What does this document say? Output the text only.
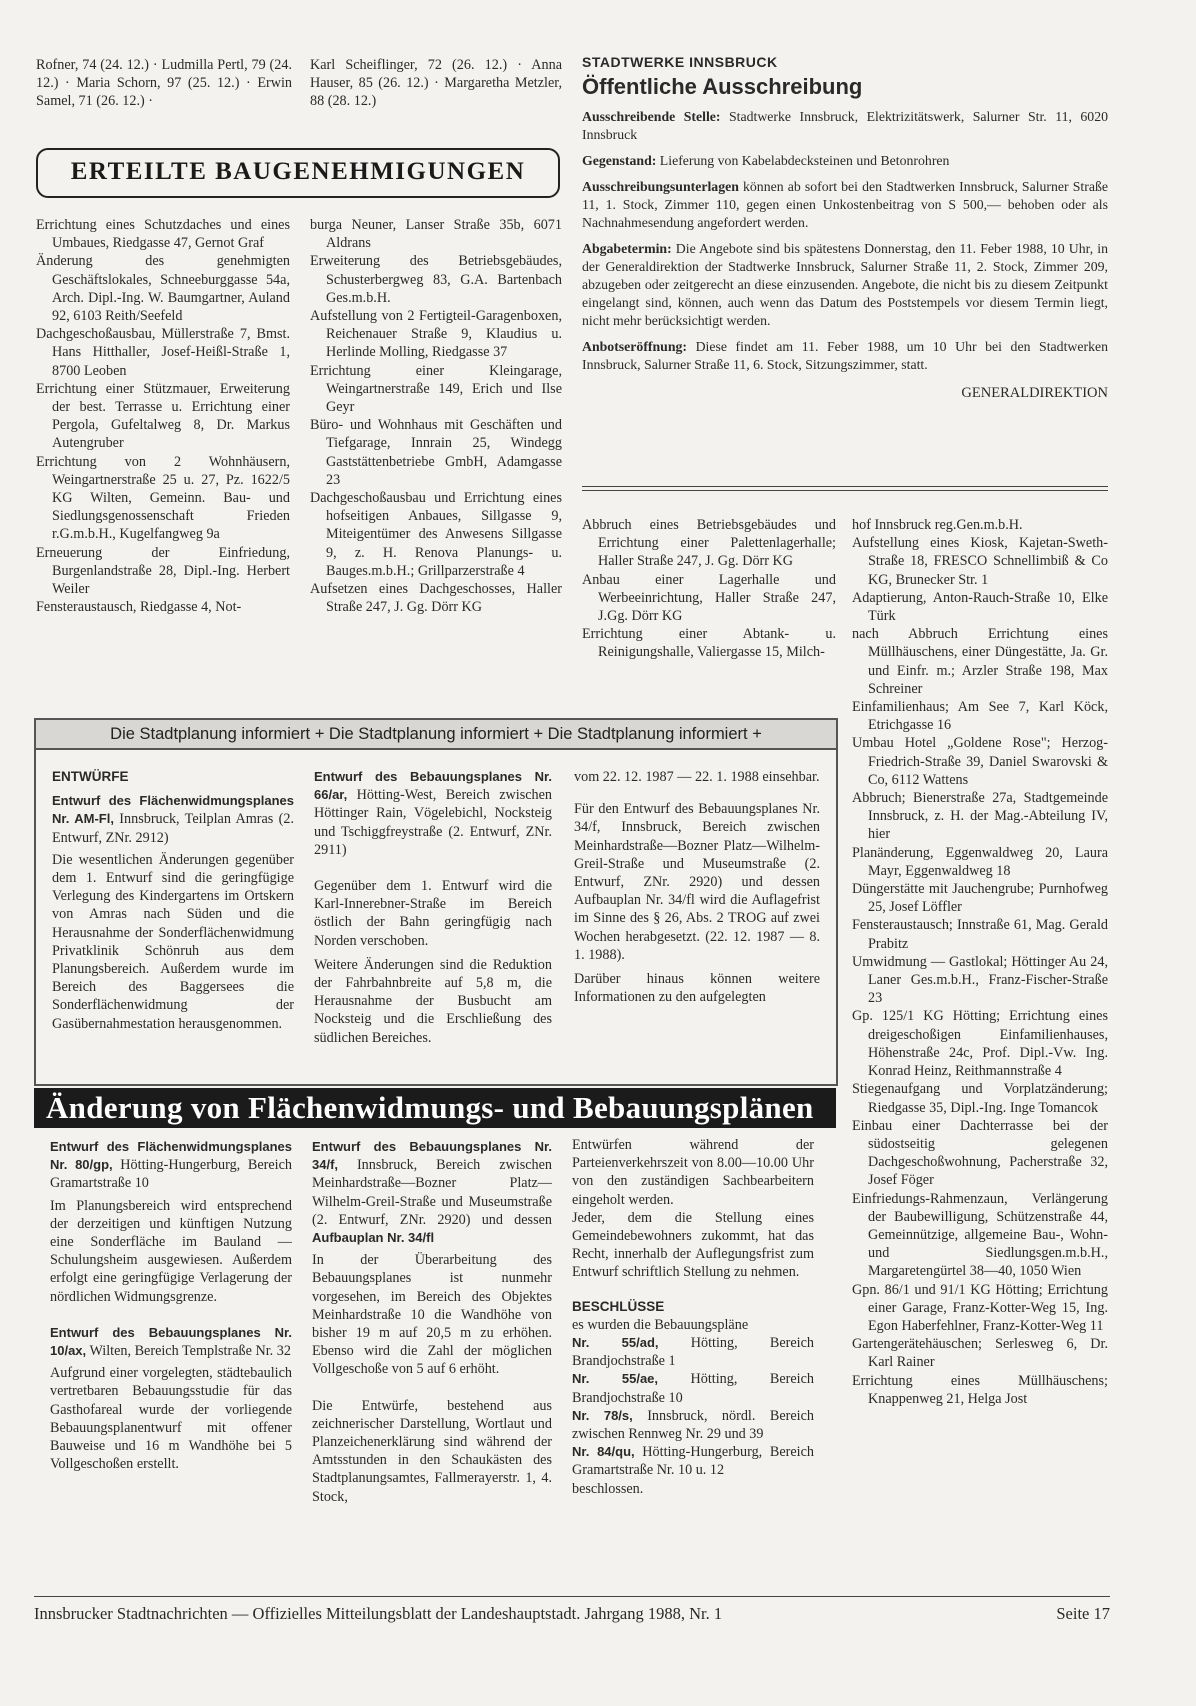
Rofner, 74 (24. 12.) · Ludmilla Pertl, 79 (24. 12.) · Maria Schorn, 97 (25. 12.) · Erwin Samel, 71 (26. 12.) ·
Karl Scheiflinger, 72 (26. 12.) · Anna Hauser, 85 (26. 12.) · Margaretha Metzler, 88 (28. 12.)
ERTEILTE BAUGENEHMIGUNGEN

Errichtung eines Schutzdaches und eines Umbaues, Riedgasse 47, Gernot Graf

Änderung des genehmigten Geschäftslokales, Schneeburggasse 54a, Arch. Dipl.-Ing. W. Baumgartner, Auland 92, 6103 Reith/Seefeld

Dachgeschoßausbau, Müllerstraße 7, Bmst. Hans Hitthaller, Josef-Heißl-Straße 1, 8700 Leoben

Errichtung einer Stützmauer, Erweiterung der best. Terrasse u. Errichtung einer Pergola, Gufeltalweg 8, Dr. Markus Autengruber

Errichtung von 2 Wohnhäusern, Weingartnerstraße 25 u. 27, Pz. 1622/5 KG Wilten, Gemeinn. Bau- und Siedlungsgenossenschaft Frieden r.G.m.b.H., Kugelfangweg 9a

Erneuerung der Einfriedung, Burgenlandstraße 28, Dipl.-Ing. Herbert Weiler

Fensteraustausch, Riedgasse 4, Not-

burga Neuner, Lanser Straße 35b, 6071 Aldrans

Erweiterung des Betriebsgebäudes, Schusterbergweg 83, G.A. Bartenbach Ges.m.b.H.

Aufstellung von 2 Fertigteil-Garagenboxen, Reichenauer Straße 9, Klaudius u. Herlinde Molling, Riedgasse 37

Errichtung einer Kleingarage, Weingartnerstraße 149, Erich und Ilse Geyr

Büro- und Wohnhaus mit Geschäften und Tiefgarage, Innrain 25, Windegg Gaststättenbetriebe GmbH, Adamgasse 23

Dachgeschoßausbau und Errichtung eines hofseitigen Anbaues, Sillgasse 9, Miteigentümer des Anwesens Sillgasse 9, z. H. Renova Planungs- u. Bauges.m.b.H.; Grillparzerstraße 4

Aufsetzen eines Dachgeschosses, Haller Straße 247, J. Gg. Dörr KG

STADTWERKE INNSBRUCK
Öffentliche Ausschreibung

Ausschreibende Stelle: Stadtwerke Innsbruck, Elektrizitätswerk, Salurner Str. 11, 6020 Innsbruck

Gegenstand: Lieferung von Kabelabdecksteinen und Betonrohren

Ausschreibungsunterlagen können ab sofort bei den Stadtwerken Innsbruck, Salurner Straße 11, 1. Stock, Zimmer 110, gegen einen Unkostenbeitrag von S 500,— behoben oder als Nachnahmesendung angefordert werden.

Abgabetermin: Die Angebote sind bis spätestens Donnerstag, den 11. Feber 1988, 10 Uhr, in der Generaldirektion der Stadtwerke Innsbruck, Salurner Straße 11, 2. Stock, Zimmer 209, abzugeben oder zeitgerecht an diese einzusenden. Angebote, die nicht bis zu diesem Zeitpunkt eingelangt sind, können, auch wenn das Datum des Poststempels vor diesem Termin liegt, nicht mehr berücksichtigt werden.

Anbotseröffnung: Diese findet am 11. Feber 1988, um 10 Uhr bei den Stadtwerken Innsbruck, Salurner Straße 11, 6. Stock, Sitzungszimmer, statt.

GENERALDIREKTION

Abbruch eines Betriebsgebäudes und Errichtung einer Palettenlagerhalle; Haller Straße 247, J. Gg. Dörr KG

Anbau einer Lagerhalle und Werbeeinrichtung, Haller Straße 247, J.Gg. Dörr KG

Errichtung einer Abtank- u. Reinigungshalle, Valiergasse 15, Milch-

hof Innsbruck reg.Gen.m.b.H.

Aufstellung eines Kiosk, Kajetan-Sweth-Straße 18, FRESCO Schnellimbiß & Co KG, Brunecker Str. 1

Adaptierung, Anton-Rauch-Straße 10, Elke Türk

nach Abbruch Errichtung eines Müllhäuschens, einer Düngestätte, Ja. Gr. und Einfr. m.; Arzler Straße 198, Max Schreiner

Einfamilienhaus; Am See 7, Karl Köck, Etrichgasse 16

Umbau Hotel „Goldene Rose"; Herzog-Friedrich-Straße 39, Daniel Swarovski & Co, 6112 Wattens

Abbruch; Bienerstraße 27a, Stadtgemeinde Innsbruck, z. H. der Mag.-Abteilung IV, hier

Planänderung, Eggenwaldweg 20, Laura Mayr, Eggenwaldweg 18

Düngerstätte mit Jauchengrube; Purnhofweg 25, Josef Löffler

Fensteraustausch; Innstraße 61, Mag. Gerald Prabitz

Umwidmung — Gastlokal; Höttinger Au 24, Laner Ges.m.b.H., Franz-Fischer-Straße 23

Gp. 125/1 KG Hötting; Errichtung eines dreigeschoßigen Einfamilienhauses, Höhenstraße 24c, Prof. Dipl.-Vw. Ing. Konrad Heinz, Reithmannstraße 4

Stiegenaufgang und Vorplatzänderung; Riedgasse 35, Dipl.-Ing. Inge Tomancok

Einbau einer Dachterrasse bei der südostseitig gelegenen Dachgeschoßwohnung, Pacherstraße 32, Josef Föger

Einfriedungs-Rahmenzaun, Verlängerung der Baubewilligung, Schützenstraße 44, Gemeinnützige, allgemeine Bau-, Wohn- und Siedlungsgen.m.b.H., Margaretengürtel 38—40, 1050 Wien

Gpn. 86/1 und 91/1 KG Hötting; Errichtung einer Garage, Franz-Kotter-Weg 15, Ing. Egon Haberfehlner, Franz-Kotter-Weg 11

Gartengerätehäuschen; Serlesweg 6, Dr. Karl Rainer

Errichtung eines Müllhäuschens; Knappenweg 21, Helga Jost

Die Stadtplanung informiert + Die Stadtplanung informiert + Die Stadtplanung informiert +
ENTWÜRFE

Entwurf des Flächenwidmungsplanes Nr. AM-Fl, Innsbruck, Teilplan Amras (2. Entwurf, ZNr. 2912)

Die wesentlichen Änderungen gegenüber dem 1. Entwurf sind die geringfügige Verlegung des Kindergartens im Ortskern von Amras nach Süden und die Herausnahme der Sonderflächenwidmung Privatklinik Schönruh aus dem Planungsbereich. Außerdem wurde im Bereich des Baggersees die Sonderflächenwidmung der Gasübernahmestation herausgenommen.

Entwurf des Bebauungsplanes Nr. 66/ar, Hötting-West, Bereich zwischen Höttinger Rain, Vögelebichl, Nocksteig und Tschiggfreystraße (2. Entwurf, ZNr. 2911)

Gegenüber dem 1. Entwurf wird die Karl-Innerebner-Straße im Bereich östlich der Bahn geringfügig nach Norden verschoben.

Weitere Änderungen sind die Reduktion der Fahrbahnbreite auf 5,8 m, die Herausnahme der Busbucht am Nocksteig und die Erschließung des südlichen Bereiches.

vom 22. 12. 1987 — 22. 1. 1988 einsehbar.

Für den Entwurf des Bebauungsplanes Nr. 34/f, Innsbruck, Bereich zwischen Meinhardstraße—Bozner Platz—Wilhelm-Greil-Straße und Museumstraße (2. Entwurf, ZNr. 2920) und dessen Aufbauplan Nr. 34/fl wird die Auflagefrist im Sinne des § 26, Abs. 2 TROG auf zwei Wochen herabgesetzt. (22. 12. 1987 — 8. 1. 1988).

Darüber hinaus können weitere Informationen zu den aufgelegten

Änderung von Flächenwidmungs- und Bebauungsplänen

Entwurf des Flächenwidmungsplanes Nr. 80/gp, Hötting-Hungerburg, Bereich Gramartstraße 10

Im Planungsbereich wird entsprechend der derzeitigen und künftigen Nutzung eine Sonderfläche im Bauland — Schulungsheim ausgewiesen. Außerdem erfolgt eine geringfügige Verlagerung der nördlichen Widmungsgrenze.

Entwurf des Bebauungsplanes Nr. 10/ax, Wilten, Bereich Templstraße Nr. 32

Aufgrund einer vorgelegten, städtebaulich vertretbaren Bebauungsstudie für das Gasthofareal wurde der vorliegende Bebauungsplanentwurf mit offener Bauweise und 16 m Wandhöhe bei 5 Vollgeschoßen erstellt.

Entwurf des Bebauungsplanes Nr. 34/f, Innsbruck, Bereich zwischen Meinhardstraße—Bozner Platz—Wilhelm-Greil-Straße und Museumstraße (2. Entwurf, ZNr. 2920) und dessen Aufbauplan Nr. 34/fl

In der Überarbeitung des Bebauungsplanes ist nunmehr vorgesehen, im Bereich des Objektes Meinhardstraße 10 die Wandhöhe von bisher 19 m auf 20,5 m zu erhöhen. Ebenso wird die Zahl der möglichen Vollgeschoße von 5 auf 6 erhöht.

Die Entwürfe, bestehend aus zeichnerischer Darstellung, Wortlaut und Planzeichenerklärung sind während der Amtsstunden in den Schaukästen des Stadtplanungsamtes, Fallmerayerstr. 1, 4. Stock,

Entwürfen während der Parteienverkehrszeit von 8.00—10.00 Uhr von den zuständigen Sachbearbeitern eingeholt werden.

Jeder, dem die Stellung eines Gemeindebewohners zukommt, hat das Recht, innerhalb der Auflegungsfrist zum Entwurf schriftlich Stellung zu nehmen.

BESCHLÜSSE

es wurden die Bebauungspläne

Nr. 55/ad, Hötting, Bereich Brandjochstraße 1

Nr. 55/ae, Hötting, Bereich Brandjochstraße 10

Nr. 78/s, Innsbruck, nördl. Bereich zwischen Rennweg Nr. 29 und 39

Nr. 84/qu, Hötting-Hungerburg, Bereich Gramartstraße Nr. 10 u. 12

beschlossen.

Innsbrucker Stadtnachrichten — Offizielles Mitteilungsblatt der Landeshauptstadt. Jahrgang 1988, Nr. 1	Seite 17
